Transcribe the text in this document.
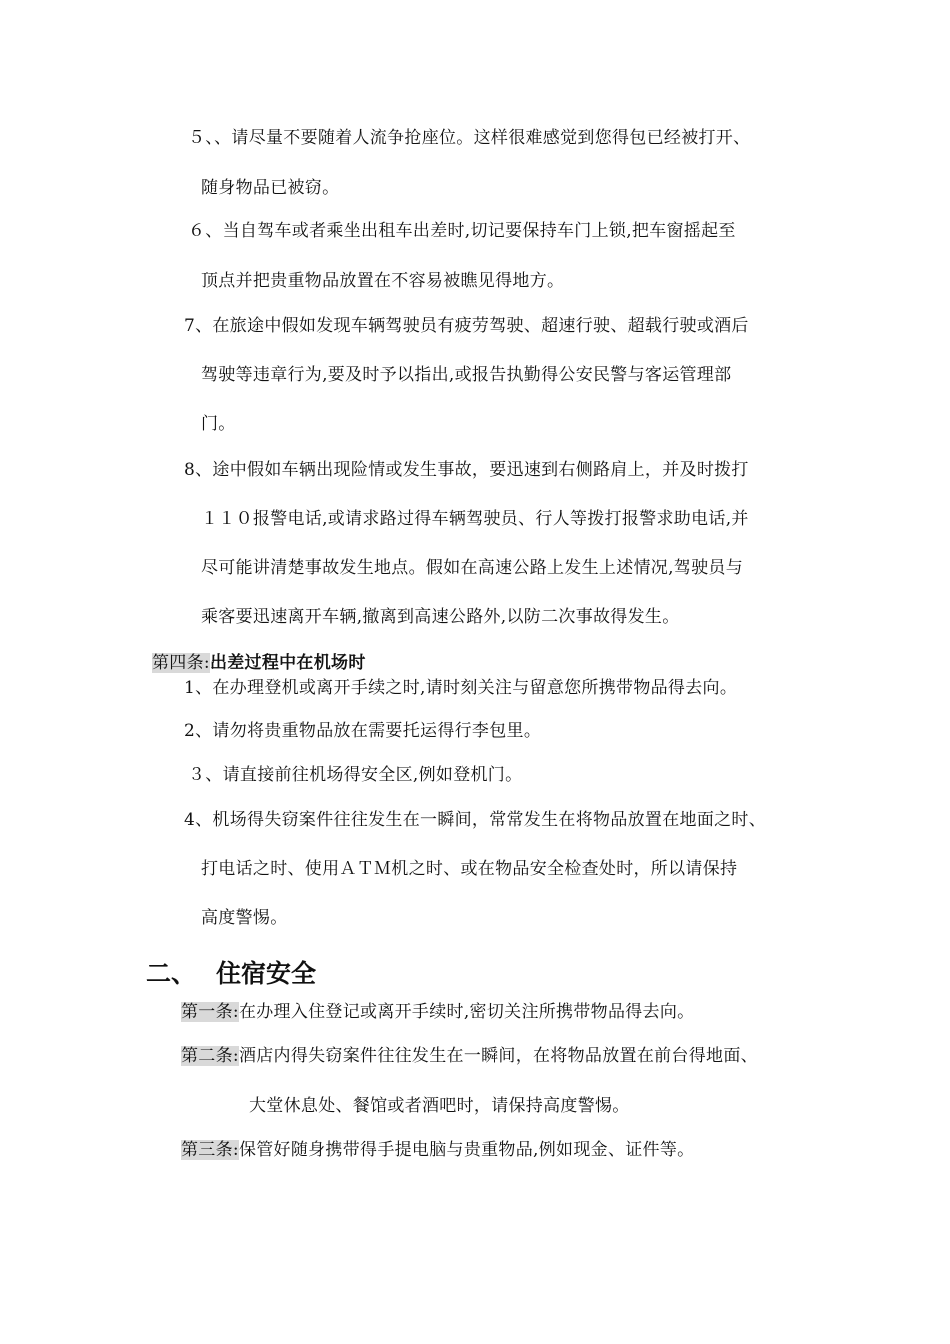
５、、请尽量不要随着人流争抢座位。这样很难感觉到您得包已经被打开、
随身物品已被窃。
６、当自驾车或者乘坐出租车出差时,切记要保持车门上锁,把车窗摇起至
顶点并把贵重物品放置在不容易被瞧见得地方。
7、在旅途中假如发现车辆驾驶员有疲劳驾驶、超速行驶、超载行驶或酒后
驾驶等违章行为,要及时予以指出,或报告执勤得公安民警与客运管理部
门。
8、途中假如车辆出现险情或发生事故，要迅速到右侧路肩上，并及时拨打
１１０报警电话,或请求路过得车辆驾驶员、行人等拨打报警求助电话,并
尽可能讲清楚事故发生地点。假如在高速公路上发生上述情况,驾驶员与
乘客要迅速离开车辆,撤离到高速公路外,以防二次事故得发生。
第四条:出差过程中在机场时
1、在办理登机或离开手续之时,请时刻关注与留意您所携带物品得去向。
2、请勿将贵重物品放在需要托运得行李包里。
３、请直接前往机场得安全区,例如登机门。
4、机场得失窃案件往往发生在一瞬间，常常发生在将物品放置在地面之时、
打电话之时、使用ＡＴＭ机之时、或在物品安全检查处时，所以请保持
高度警惕。
二、 住宿安全
第一条:在办理入住登记或离开手续时,密切关注所携带物品得去向。
第二条:酒店内得失窃案件往往发生在一瞬间，在将物品放置在前台得地面、
大堂休息处、餐馆或者酒吧时，请保持高度警惕。
第三条:保管好随身携带得手提电脑与贵重物品,例如现金、证件等。
